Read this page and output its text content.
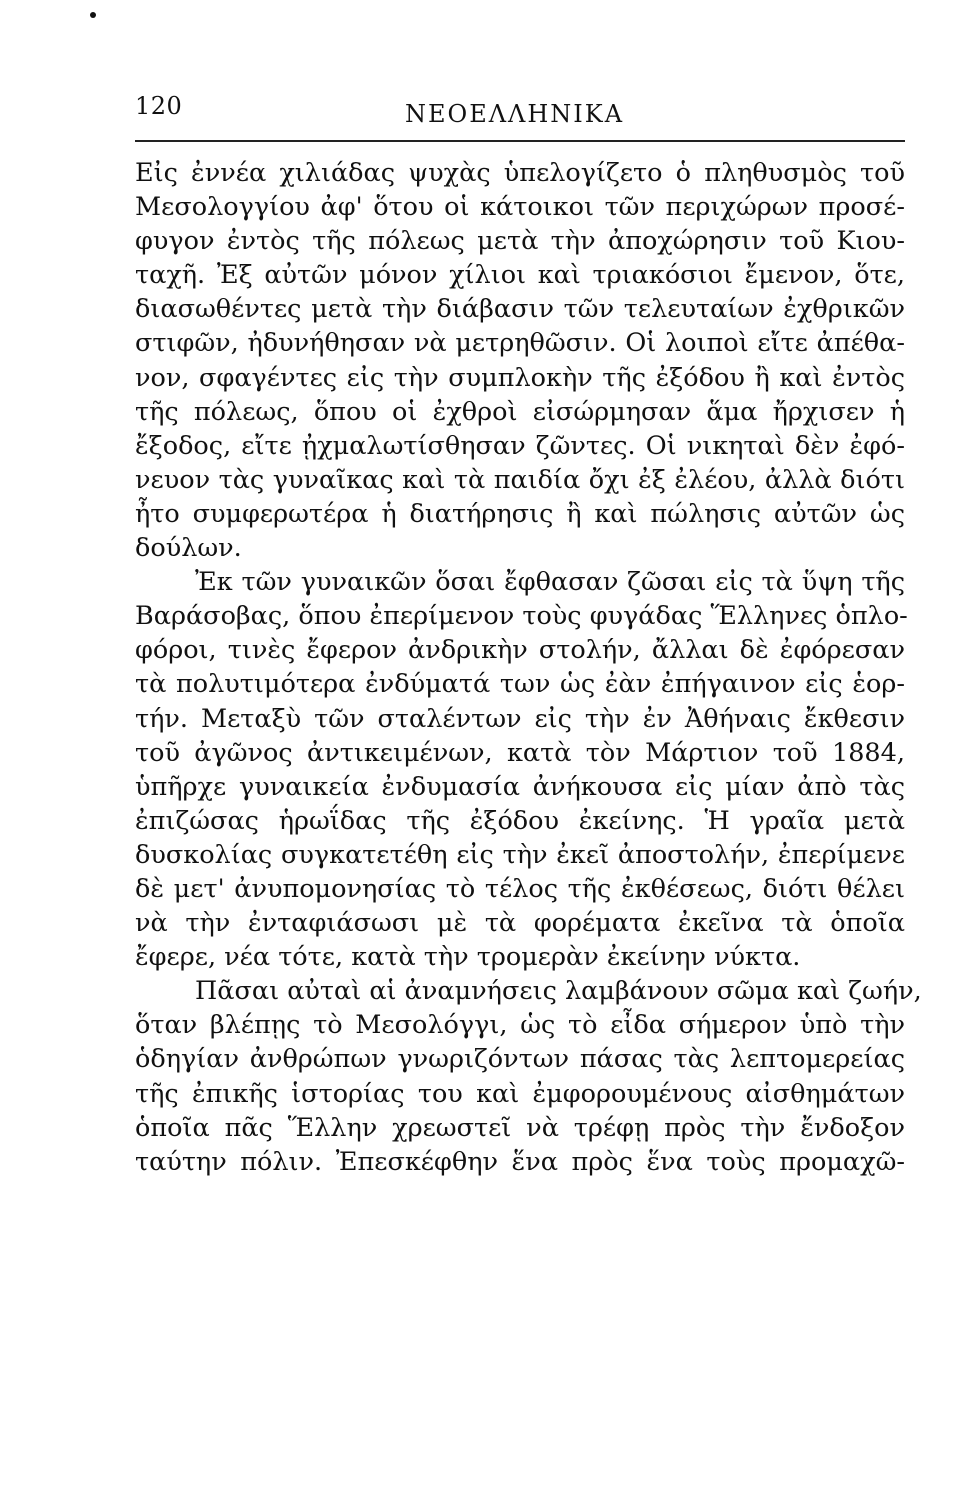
120	ΝΕΟΕΛΛΗΝΙΚΑ
Εἰς ἐννέα χιλιάδας ψυχὰς ὑπελογίζετο ὁ πληθυσμὸς τοῦ
Μεσολογγίου ἀφ' ὅτου οἱ κάτοικοι τῶν περιχώρων προσέ-
φυγον ἐντὸς τῆς πόλεως μετὰ τὴν ἀποχώρησιν τοῦ Κιου-
ταχῆ. Ἐξ αὐτῶν μόνον χίλιοι καὶ τριακόσιοι ἔμενον, ὅτε,
διασωθέντες μετὰ τὴν διάβασιν τῶν τελευταίων ἐχθρικῶν
στιφῶν, ἠδυνήθησαν νὰ μετρηθῶσιν. Οἱ λοιποὶ εἴτε ἀπέθα-
νον, σφαγέντες εἰς τὴν συμπλοκὴν τῆς ἐξόδου ἢ καὶ ἐντὸς
τῆς πόλεως, ὅπου οἱ ἐχθροὶ εἰσώρμησαν ἅμα ἤρχισεν ἡ
ἔξοδος, εἴτε ᾐχμαλωτίσθησαν ζῶντες. Οἱ νικηταὶ δὲν ἐφό-
νευον τὰς γυναῖκας καὶ τὰ παιδία ὄχι ἐξ ἐλέου, ἀλλὰ διότι
ἦτο συμφερωτέρα ἡ διατήρησις ἢ καὶ πώλησις αὐτῶν ὡς
δούλων.
Ἐκ τῶν γυναικῶν ὅσαι ἔφθασαν ζῶσαι εἰς τὰ ὕψη τῆς
Βαράσοβας, ὅπου ἐπερίμενον τοὺς φυγάδας Ἕλληνες ὁπλο-
φόροι, τινὲς ἔφερον ἀνδρικὴν στολήν, ἄλλαι δὲ ἐφόρεσαν
τὰ πολυτιμότερα ἐνδύματά των ὡς ἐὰν ἐπήγαινον εἰς ἑορ-
τήν. Μεταξὺ τῶν σταλέντων εἰς τὴν ἐν Ἀθήναις ἔκθεσιν
τοῦ ἀγῶνος ἀντικειμένων, κατὰ τὸν Μάρτιον τοῦ 1884,
ὑπῆρχε γυναικεία ἐνδυμασία ἀνήκουσα εἰς μίαν ἀπὸ τὰς
ἐπιζώσας ἡρωΐδας τῆς ἐξόδου ἐκείνης. Ἡ γραῖα μετὰ
δυσκολίας συγκατετέθη εἰς τὴν ἐκεῖ ἀποστολήν, ἐπερίμενε
δὲ μετ' ἀνυπομονησίας τὸ τέλος τῆς ἐκθέσεως, διότι θέλει
νὰ τὴν ἐνταφιάσωσι μὲ τὰ φορέματα ἐκεῖνα τὰ ὁποῖα
ἔφερε, νέα τότε, κατὰ τὴν τρομερὰν ἐκείνην νύκτα.
Πᾶσαι αὐταὶ αἱ ἀναμνήσεις λαμβάνουν σῶμα καὶ ζωήν,
ὅταν βλέπῃς τὸ Μεσολόγγι, ὡς τὸ εἶδα σήμερον ὑπὸ τὴν
ὁδηγίαν ἀνθρώπων γνωριζόντων πάσας τὰς λεπτομερείας
τῆς ἐπικῆς ἱστορίας του καὶ ἐμφορουμένους αἰσθημάτων
ὁποῖα πᾶς Ἕλλην χρεωστεῖ νὰ τρέφῃ πρὸς τὴν ἔνδοξον
ταύτην πόλιν. Ἐπεσκέφθην ἕνα πρὸς ἕνα τοὺς προμαχῶ-
